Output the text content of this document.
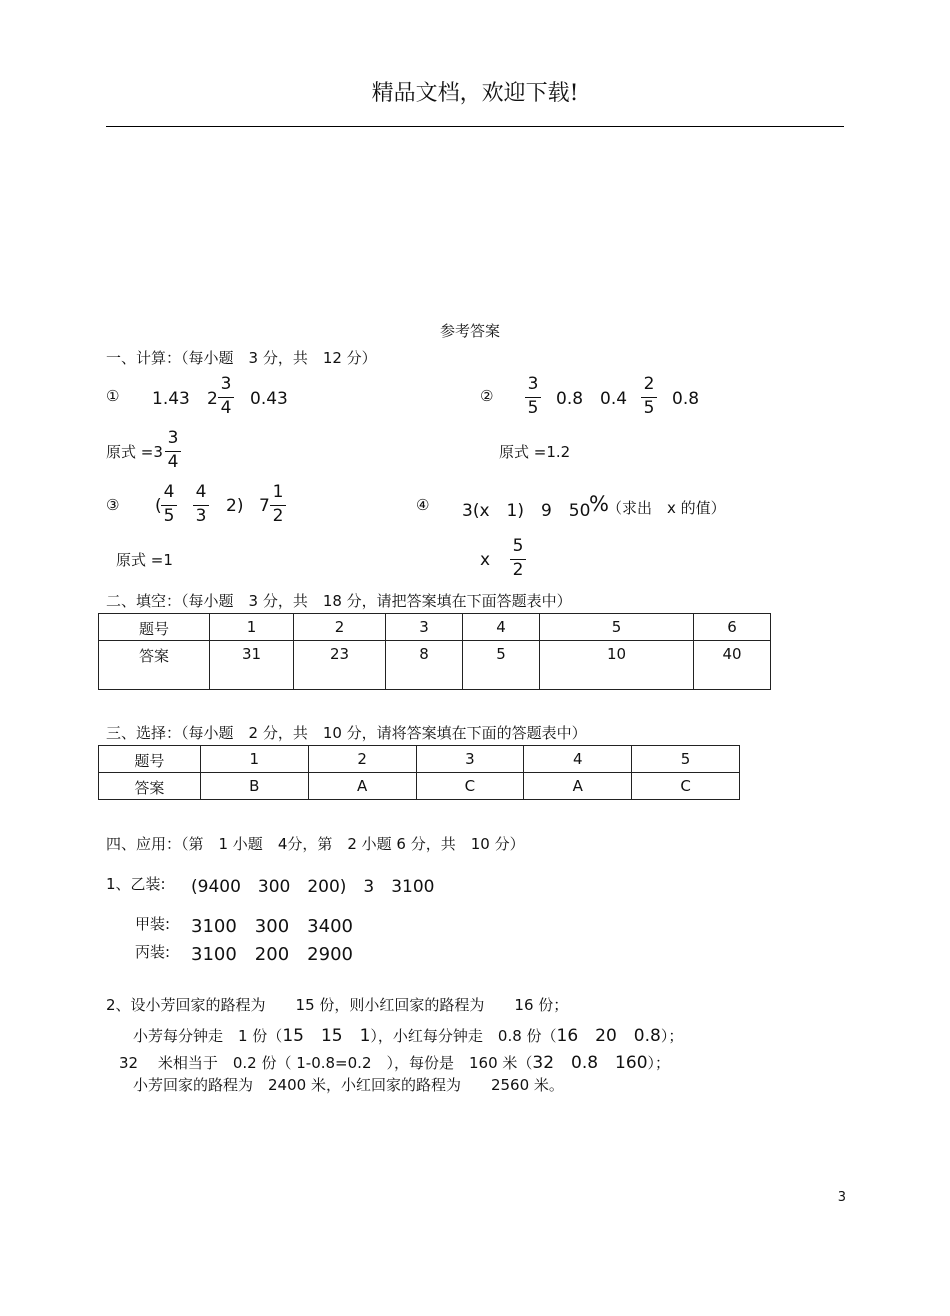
精品文档，欢迎下载!
参考答案
一、计算：（每小题　3 分，共　12 分）
① 1.43 2
3
4 0.43	②
3
5 0.8 0.4
2
5 0.8
原式 =3
3
4	原式 =1.2
③ (
4
5
4
3 2) 7
1
2
④ 3(x　1)　9　50
%
（求出　x 的值）
原式 =1	x
5
2
二、填空：（每小题　3 分，共　18 分，请把答案填在下面答题表中）
题号	1	2	3	4	5	6
答案	31	23	8	5	10	40
三、选择：（每小题　2 分，共　10 分，请将答案填在下面的答题表中）
题号	1	2	3	4	5
答案	B	A	C	A	C
四、应用：（第　1 小题　4分，第　2 小题 6 分，共　10 分）
1、乙装: (9400　300　200)　3　3100
甲装: 3100　300　3400
丙装: 3100　200　2900
2、设小芳回家的路程为　　15 份，则小红回家的路程为　　16 份；
小芳每分钟走　1 份（15　15　1），小红每分钟走　0.8 份（16　20　0.8）；
32　 米相当于　0.2 份（ 1-0.8=0.2　），每份是　160 米（32　0.8　160）；
小芳回家的路程为　2400 米，小红回家的路程为　　2560 米。
3
